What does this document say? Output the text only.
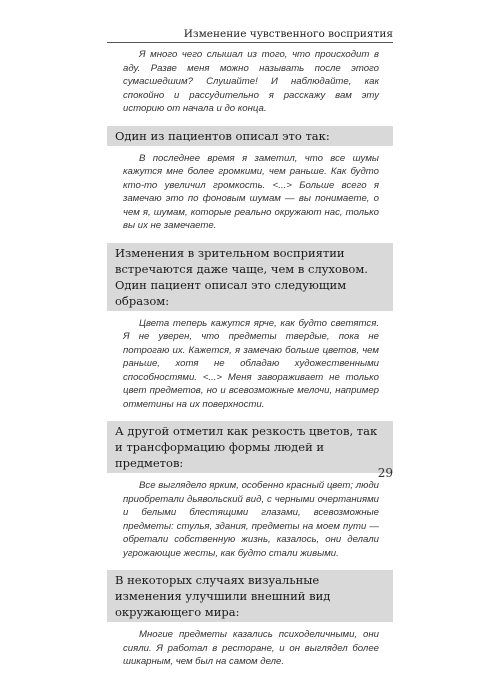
Изменение чувственного восприятия
Я много чего слышал из того, что происходит в аду. Разве меня можно называть после этого сумасшедшим? Слушайте! И наблюдайте, как спокойно и рассудительно я расскажу вам эту историю от начала и до конца.
Один из пациентов описал это так:
В последнее время я заметил, что все шумы кажутся мне более громкими, чем раньше. Как будто кто-то увеличил громкость. <...> Больше всего я замечаю это по фоновым шумам — вы понимаете, о чем я, шумам, которые реально окружают нас, только вы их не замечаете.
Изменения в зрительном восприятии встречаются даже чаще, чем в слуховом. Один пациент описал это следующим образом:
Цвета теперь кажутся ярче, как будто светятся. Я не уверен, что предметы твердые, пока не потрогаю их. Кажется, я замечаю больше цветов, чем раньше, хотя не обладаю художественными способностями. <...> Меня завораживает не только цвет предметов, но и всевозможные мелочи, например отметины на их поверхности.
А другой отметил как резкость цветов, так и трансформацию формы людей и предметов:
Все выглядело ярким, особенно красный цвет; люди приобретали дьявольский вид, с черными очертаниями и белыми блестящими глазами, всевозможные предметы: стулья, здания, предметы на моем пути — обретали собственную жизнь, казалось, они делали угрожающие жесты, как будто стали живыми.
В некоторых случаях визуальные изменения улучшили внешний вид окружающего мира:
Многие предметы казались психоделичными, они сияли. Я работал в ресторане, и он выглядел более шикарным, чем был на самом деле.
29
